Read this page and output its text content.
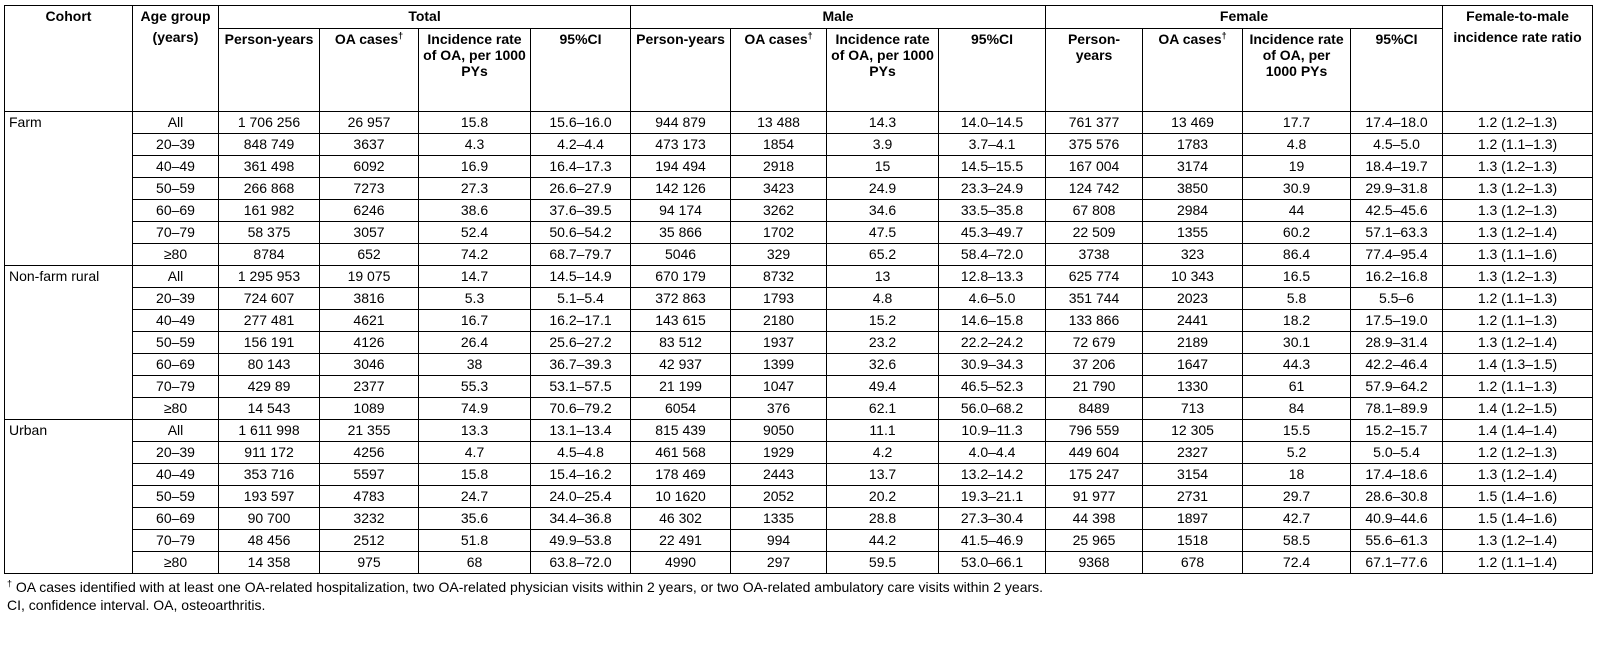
Cohort	Age group (years)	Total				Male				Female				Female-to-male incidence rate ratio
		Person-years	OA cases†	Incidence rate of OA, per 1000 PYs	95%CI	Person-years	OA cases†	Incidence rate of OA, per 1000 PYs	95%CI	Person-years	OA cases†	Incidence rate of OA, per 1000 PYs	95%CI	
Farm	All	1 706 256	26 957	15.8	15.6–16.0	944 879	13 488	14.3	14.0–14.5	761 377	13 469	17.7	17.4–18.0	1.2 (1.2–1.3)
	20–39	848 749	3637	4.3	4.2–4.4	473 173	1854	3.9	3.7–4.1	375 576	1783	4.8	4.5–5.0	1.2 (1.1–1.3)
	40–49	361 498	6092	16.9	16.4–17.3	194 494	2918	15	14.5–15.5	167 004	3174	19	18.4–19.7	1.3 (1.2–1.3)
	50–59	266 868	7273	27.3	26.6–27.9	142 126	3423	24.9	23.3–24.9	124 742	3850	30.9	29.9–31.8	1.3 (1.2–1.3)
	60–69	161 982	6246	38.6	37.6–39.5	94 174	3262	34.6	33.5–35.8	67 808	2984	44	42.5–45.6	1.3 (1.2–1.3)
	70–79	58 375	3057	52.4	50.6–54.2	35 866	1702	47.5	45.3–49.7	22 509	1355	60.2	57.1–63.3	1.3 (1.2–1.4)
	≥80	8784	652	74.2	68.7–79.7	5046	329	65.2	58.4–72.0	3738	323	86.4	77.4–95.4	1.3 (1.1–1.6)
Non-farm rural	All	1 295 953	19 075	14.7	14.5–14.9	670 179	8732	13	12.8–13.3	625 774	10 343	16.5	16.2–16.8	1.3 (1.2–1.3)
	20–39	724 607	3816	5.3	5.1–5.4	372 863	1793	4.8	4.6–5.0	351 744	2023	5.8	5.5–6	1.2 (1.1–1.3)
	40–49	277 481	4621	16.7	16.2–17.1	143 615	2180	15.2	14.6–15.8	133 866	2441	18.2	17.5–19.0	1.2 (1.1–1.3)
	50–59	156 191	4126	26.4	25.6–27.2	83 512	1937	23.2	22.2–24.2	72 679	2189	30.1	28.9–31.4	1.3 (1.2–1.4)
	60–69	80 143	3046	38	36.7–39.3	42 937	1399	32.6	30.9–34.3	37 206	1647	44.3	42.2–46.4	1.4 (1.3–1.5)
	70–79	429 89	2377	55.3	53.1–57.5	21 199	1047	49.4	46.5–52.3	21 790	1330	61	57.9–64.2	1.2 (1.1–1.3)
	≥80	14 543	1089	74.9	70.6–79.2	6054	376	62.1	56.0–68.2	8489	713	84	78.1–89.9	1.4 (1.2–1.5)
Urban	All	1 611 998	21 355	13.3	13.1–13.4	815 439	9050	11.1	10.9–11.3	796 559	12 305	15.5	15.2–15.7	1.4 (1.4–1.4)
	20–39	911 172	4256	4.7	4.5–4.8	461 568	1929	4.2	4.0–4.4	449 604	2327	5.2	5.0–5.4	1.2 (1.2–1.3)
	40–49	353 716	5597	15.8	15.4–16.2	178 469	2443	13.7	13.2–14.2	175 247	3154	18	17.4–18.6	1.3 (1.2–1.4)
	50–59	193 597	4783	24.7	24.0–25.4	10 1620	2052	20.2	19.3–21.1	91 977	2731	29.7	28.6–30.8	1.5 (1.4–1.6)
	60–69	90 700	3232	35.6	34.4–36.8	46 302	1335	28.8	27.3–30.4	44 398	1897	42.7	40.9–44.6	1.5 (1.4–1.6)
	70–79	48 456	2512	51.8	49.9–53.8	22 491	994	44.2	41.5–46.9	25 965	1518	58.5	55.6–61.3	1.3 (1.2–1.4)
	≥80	14 358	975	68	63.8–72.0	4990	297	59.5	53.0–66.1	9368	678	72.4	67.1–77.6	1.2 (1.1–1.4)

† OA cases identified with at least one OA-related hospitalization, two OA-related physician visits within 2 years, or two OA-related ambulatory care visits within 2 years.

CI, confidence interval. OA, osteoarthritis.
